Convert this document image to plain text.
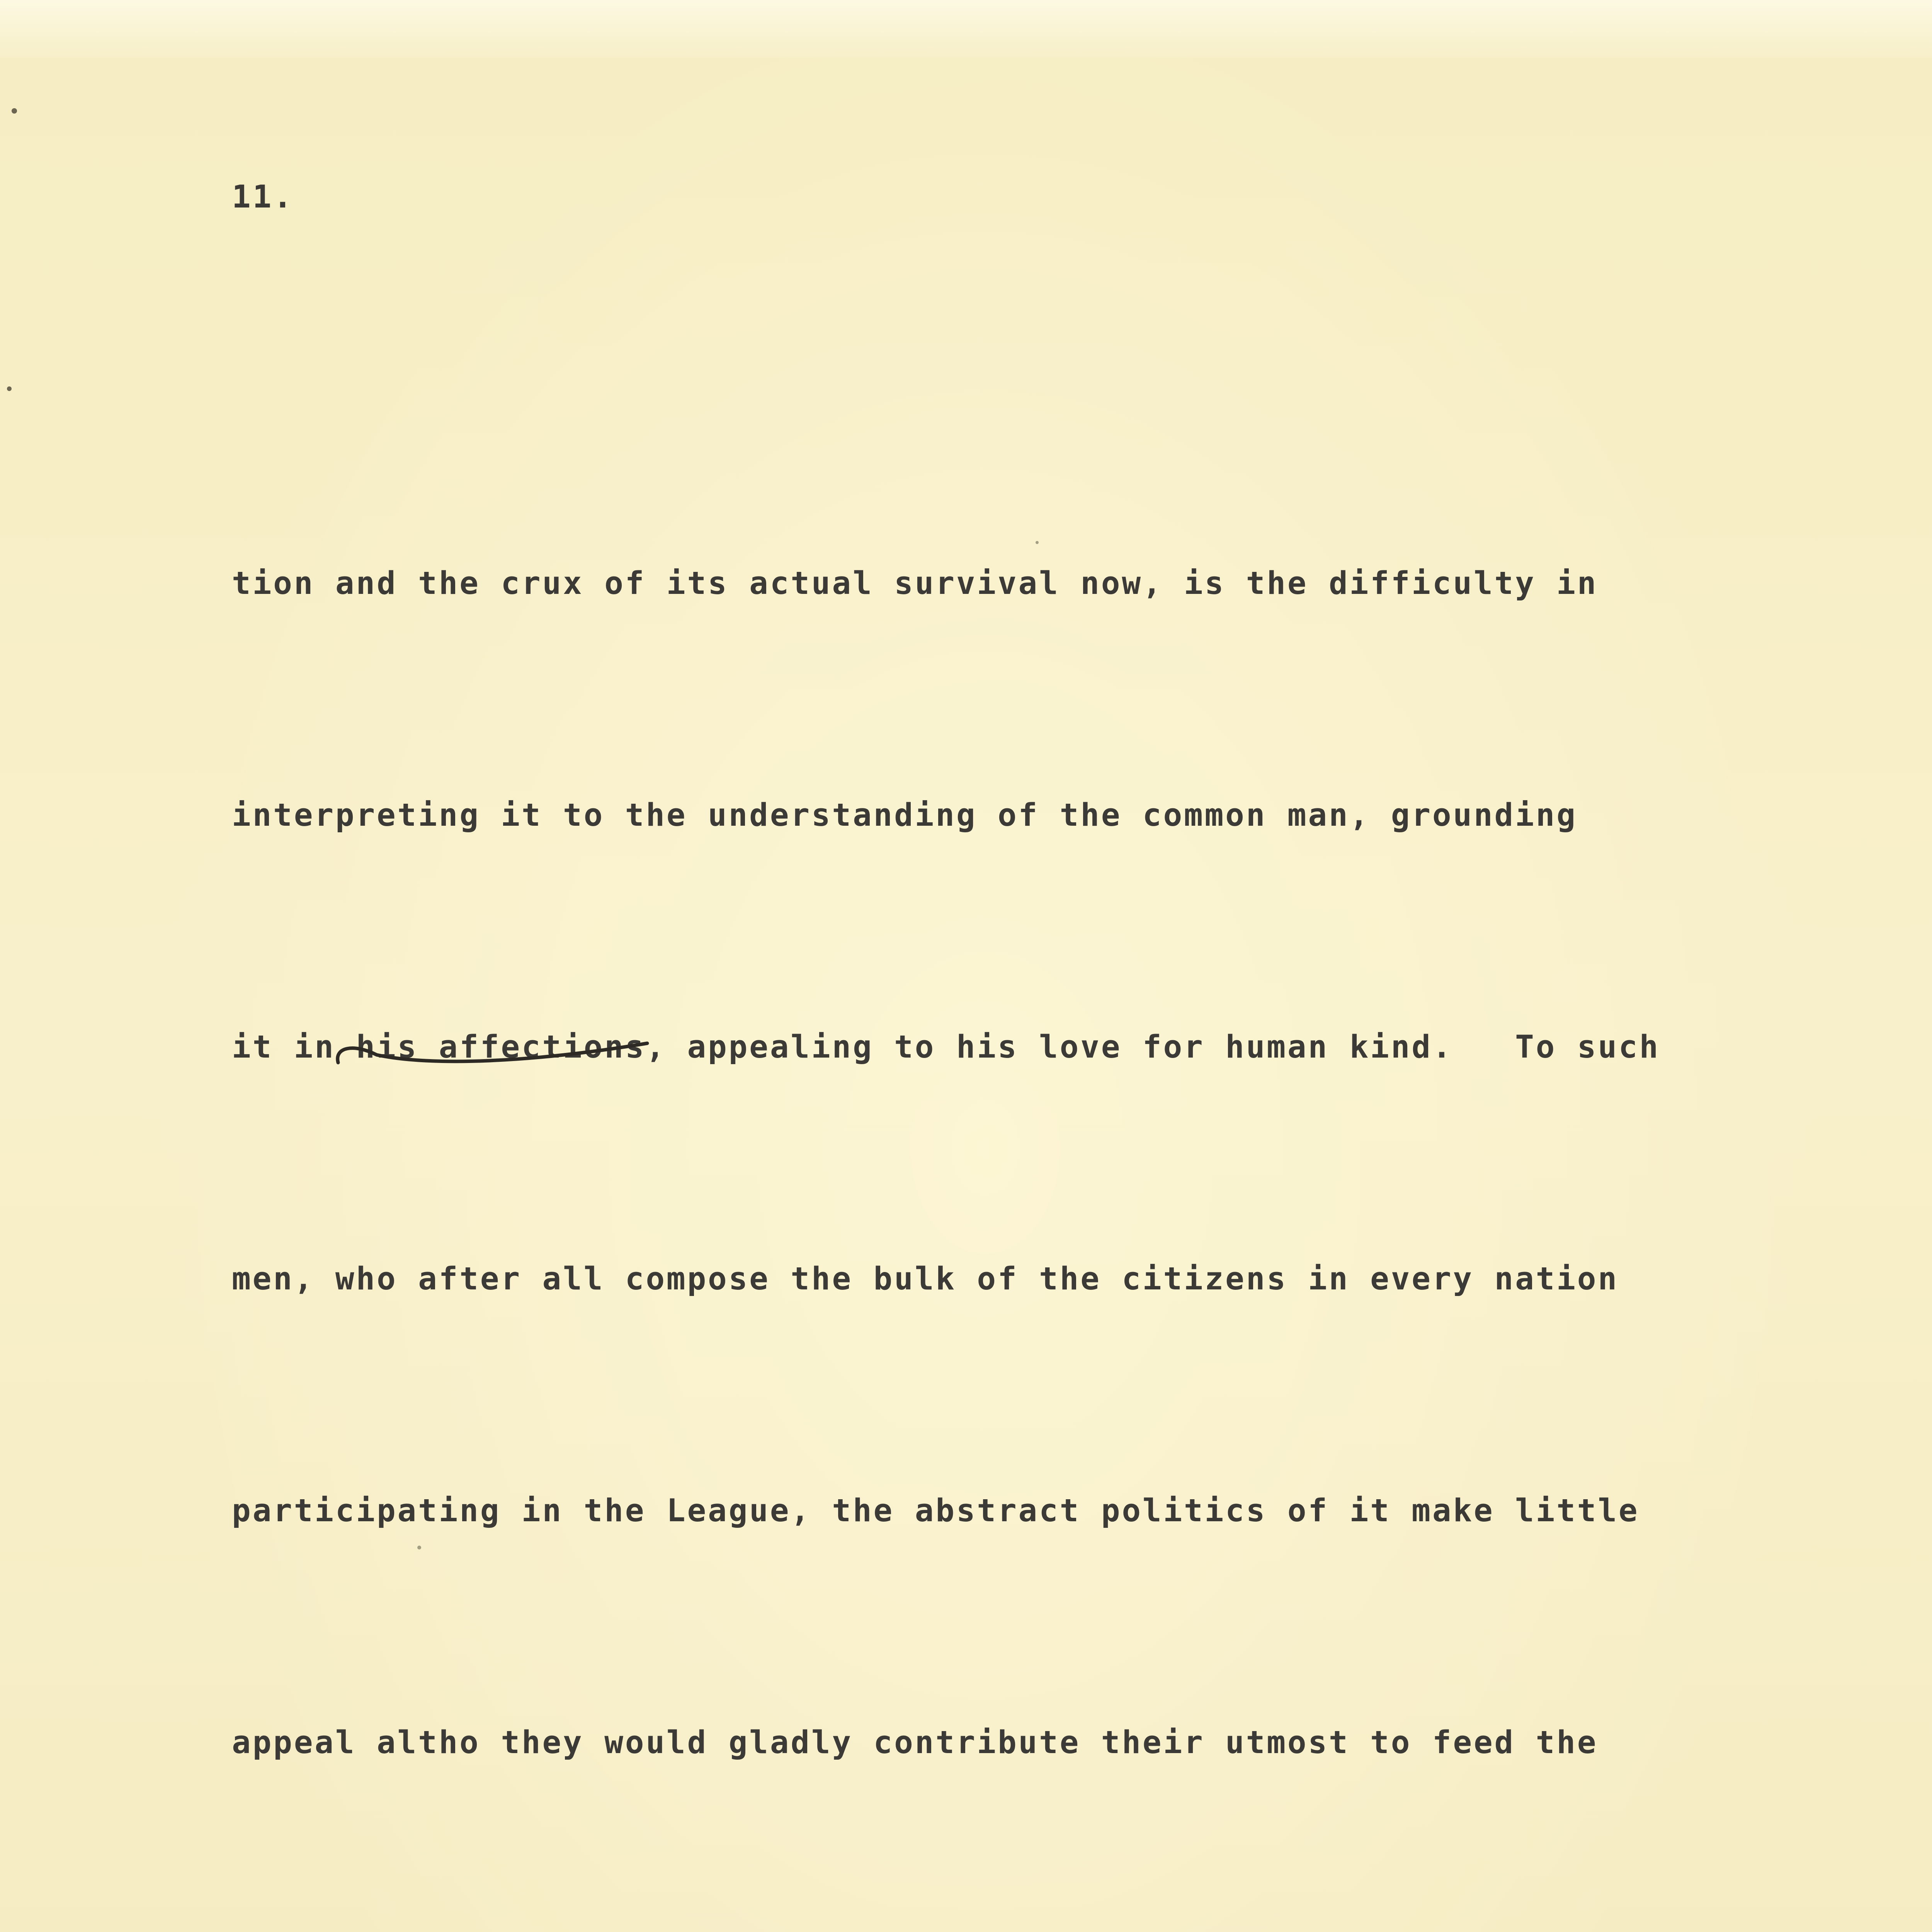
11.

tion and the crux of its actual survival now, is the difficulty in

interpreting it to the understanding of the common man, grounding

it in his affections, appealing to his love for human kind.   To such

men, who after all compose the bulk of the citizens in every nation

participating in the League, the abstract politics of it make little

appeal altho they would gladly contribute their utmost to feed the
